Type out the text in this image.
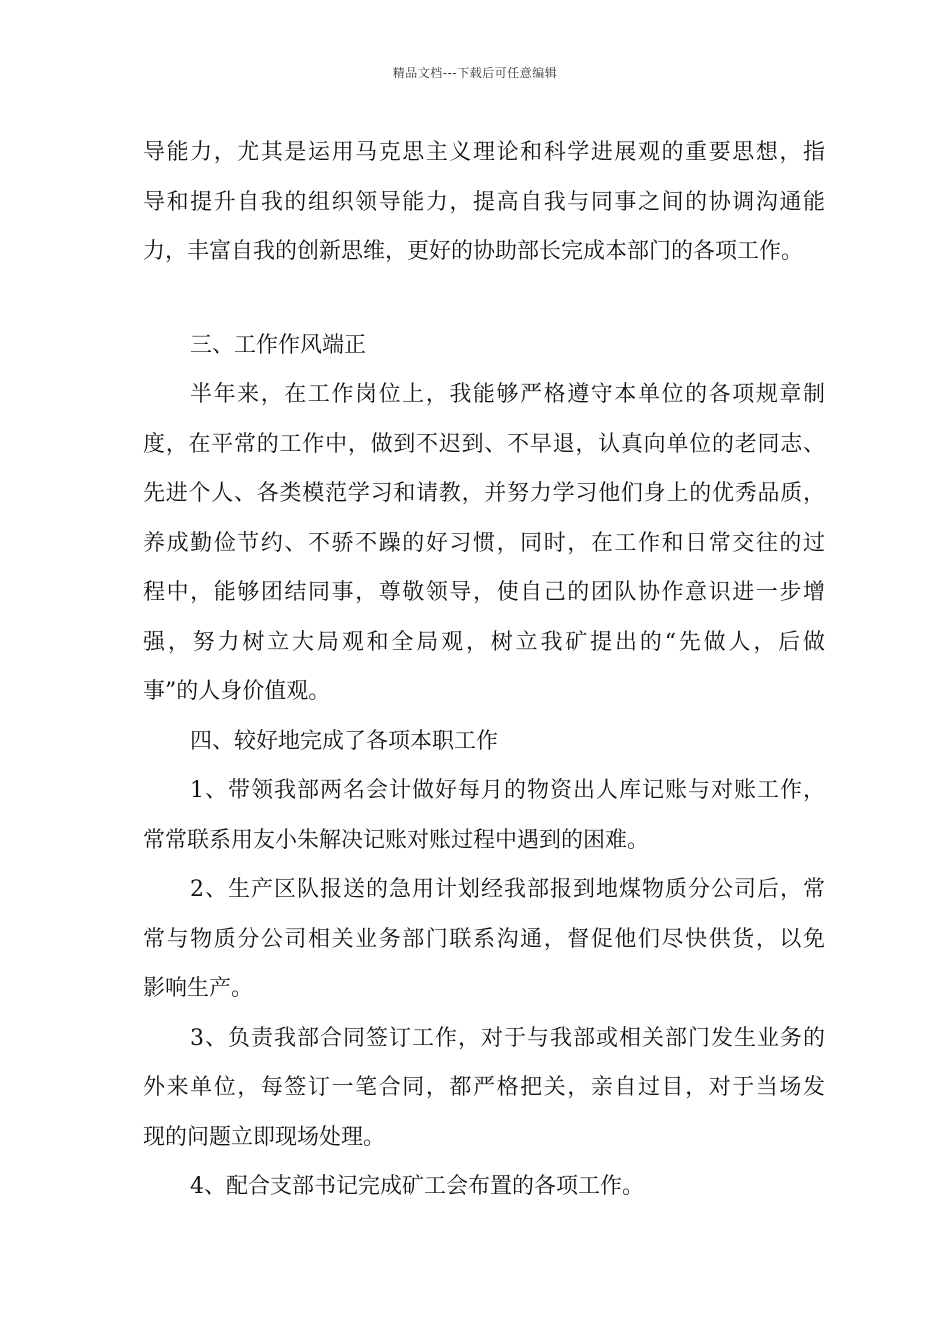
精品文档---下载后可任意编辑
导能力，尤其是运用马克思主义理论和科学进展观的重要思想，指
导和提升自我的组织领导能力，提高自我与同事之间的协调沟通能
力，丰富自我的创新思维，更好的协助部长完成本部门的各项工作。
三、工作作风端正
半年来，在工作岗位上，我能够严格遵守本单位的各项规章制
度，在平常的工作中，做到不迟到、不早退，认真向单位的老同志、
先进个人、各类模范学习和请教，并努力学习他们身上的优秀品质，
养成勤俭节约、不骄不躁的好习惯，同时，在工作和日常交往的过
程中，能够团结同事，尊敬领导，使自己的团队协作意识进一步增
强，努力树立大局观和全局观，树立我矿提出的“先做人，后做
事”的人身价值观。
四、较好地完成了各项本职工作
1、带领我部两名会计做好每月的物资出人库记账与对账工作，
常常联系用友小朱解决记账对账过程中遇到的困难。
2、生产区队报送的急用计划经我部报到地煤物质分公司后，常
常与物质分公司相关业务部门联系沟通，督促他们尽快供货，以免
影响生产。
3、负责我部合同签订工作，对于与我部或相关部门发生业务的
外来单位，每签订一笔合同，都严格把关，亲自过目，对于当场发
现的问题立即现场处理。
4、配合支部书记完成矿工会布置的各项工作。
